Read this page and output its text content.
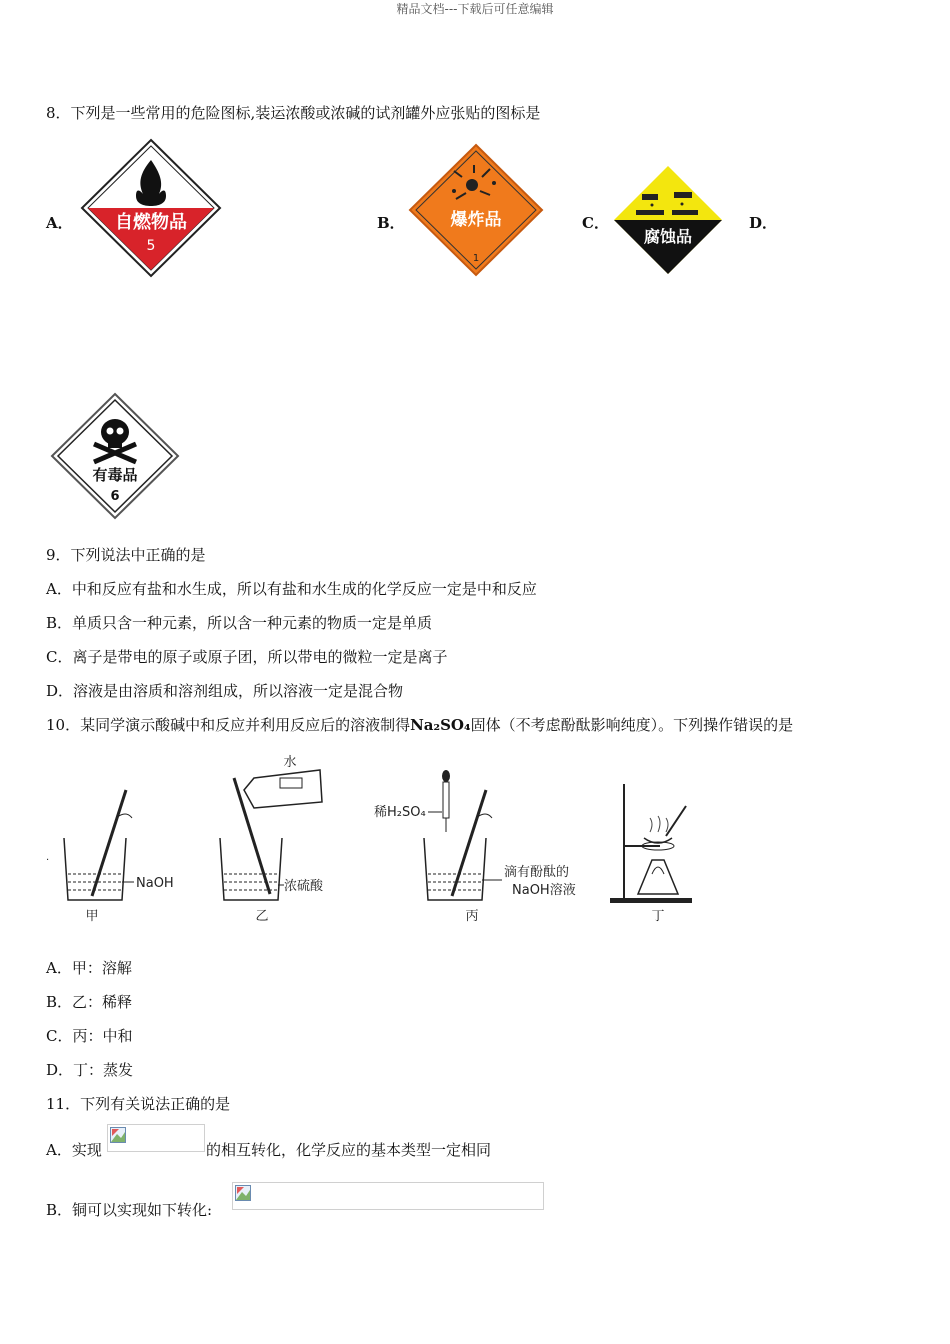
精品文档---下载后可任意编辑
8．下列是一些常用的危险图标,装运浓酸或浓碱的试剂罐外应张贴的图标是
A． 自燃物品
5
B．	爆炸品
1
C．
腐蚀品
D．
有毒品
6
9．下列说法中正确的是
A．中和反应有盐和水生成，所以有盐和水生成的化学反应一定是中和反应
B．单质只含一种元素，所以含一种元素的物质一定是单质
C．离子是带电的原子或原子团，所以带电的微粒一定是离子
D．溶液是由溶质和溶剂组成，所以溶液一定是混合物
10．某同学演示酸碱中和反应并利用反应后的溶液制得Na₂SO₄固体（不考虑酚酞影响纯度）。下列操作错误的是
NaOH
甲
.
水
浓硫酸
乙
稀H₂SO₄
滴有酚酞的
NaOH溶液
丙	丁
A．甲：溶解
B．乙：稀释
C．丙：中和
D．丁：蒸发
11．下列有关说法正确的是
A．实现	的相互转化，化学反应的基本类型一定相同
B．铜可以实现如下转化:
